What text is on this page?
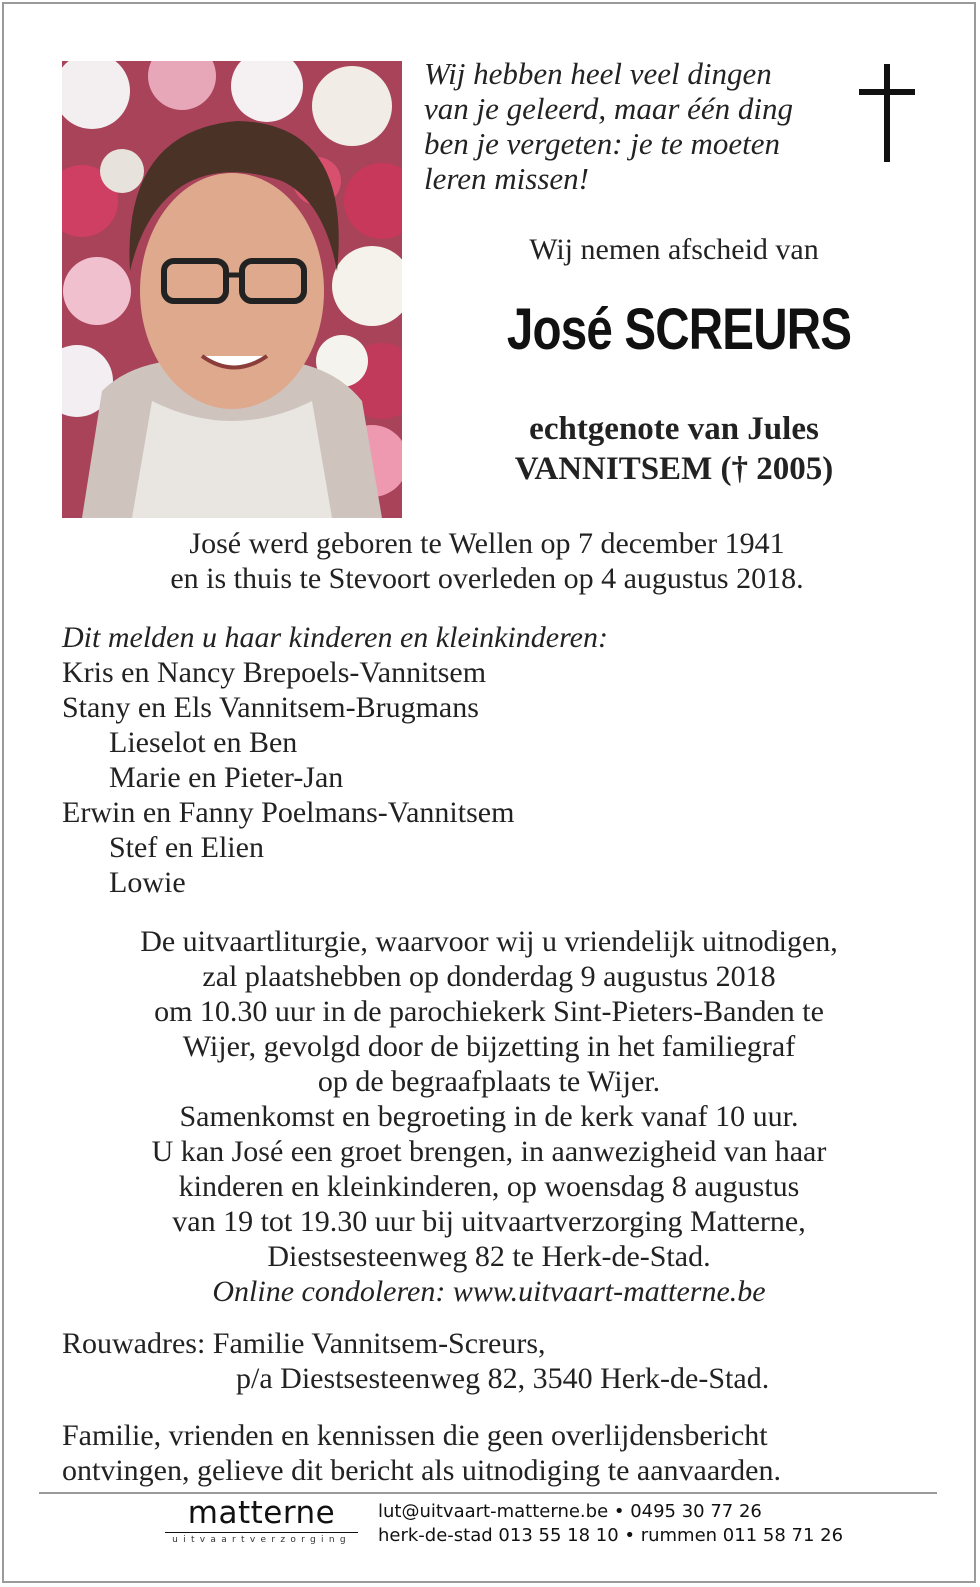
Wij hebben heel veel dingen
van je geleerd, maar één ding
ben je vergeten: je te moeten
leren missen!
Wij nemen afscheid van
José SCREURS
echtgenote van Jules
VANNITSEM († 2005)
José werd geboren te Wellen op 7 december 1941
en is thuis te Stevoort overleden op 4 augustus 2018.
Dit melden u haar kinderen en kleinkinderen:
Kris en Nancy Brepoels-Vannitsem
Stany en Els Vannitsem-Brugmans
Lieselot en Ben
Marie en Pieter-Jan
Erwin en Fanny Poelmans-Vannitsem
Stef en Elien
Lowie
De uitvaartliturgie, waarvoor wij u vriendelijk uitnodigen,
zal plaatshebben op donderdag 9 augustus 2018
om 10.30 uur in de parochiekerk Sint-Pieters-Banden te
Wijer, gevolgd door de bijzetting in het familiegraf
op de begraafplaats te Wijer.
Samenkomst en begroeting in de kerk vanaf 10 uur.
U kan José een groet brengen, in aanwezigheid van haar
kinderen en kleinkinderen, op woensdag 8 augustus
van 19 tot 19.30 uur bij uitvaartverzorging Matterne,
Diestsesteenweg 82 te Herk-de-Stad.
Online condoleren: www.uitvaart-matterne.be
Rouwadres: Familie Vannitsem-Screurs,
p/a Diestsesteenweg 82, 3540 Herk-de-Stad.
Familie, vrienden en kennissen die geen overlijdensbericht
ontvingen, gelieve dit bericht als uitnodiging te aanvaarden.
matterne
uitvaartverzorging
lut@uitvaart-matterne.be • 0495 30 77 26
herk-de-stad 013 55 18 10 • rummen 011 58 71 26
